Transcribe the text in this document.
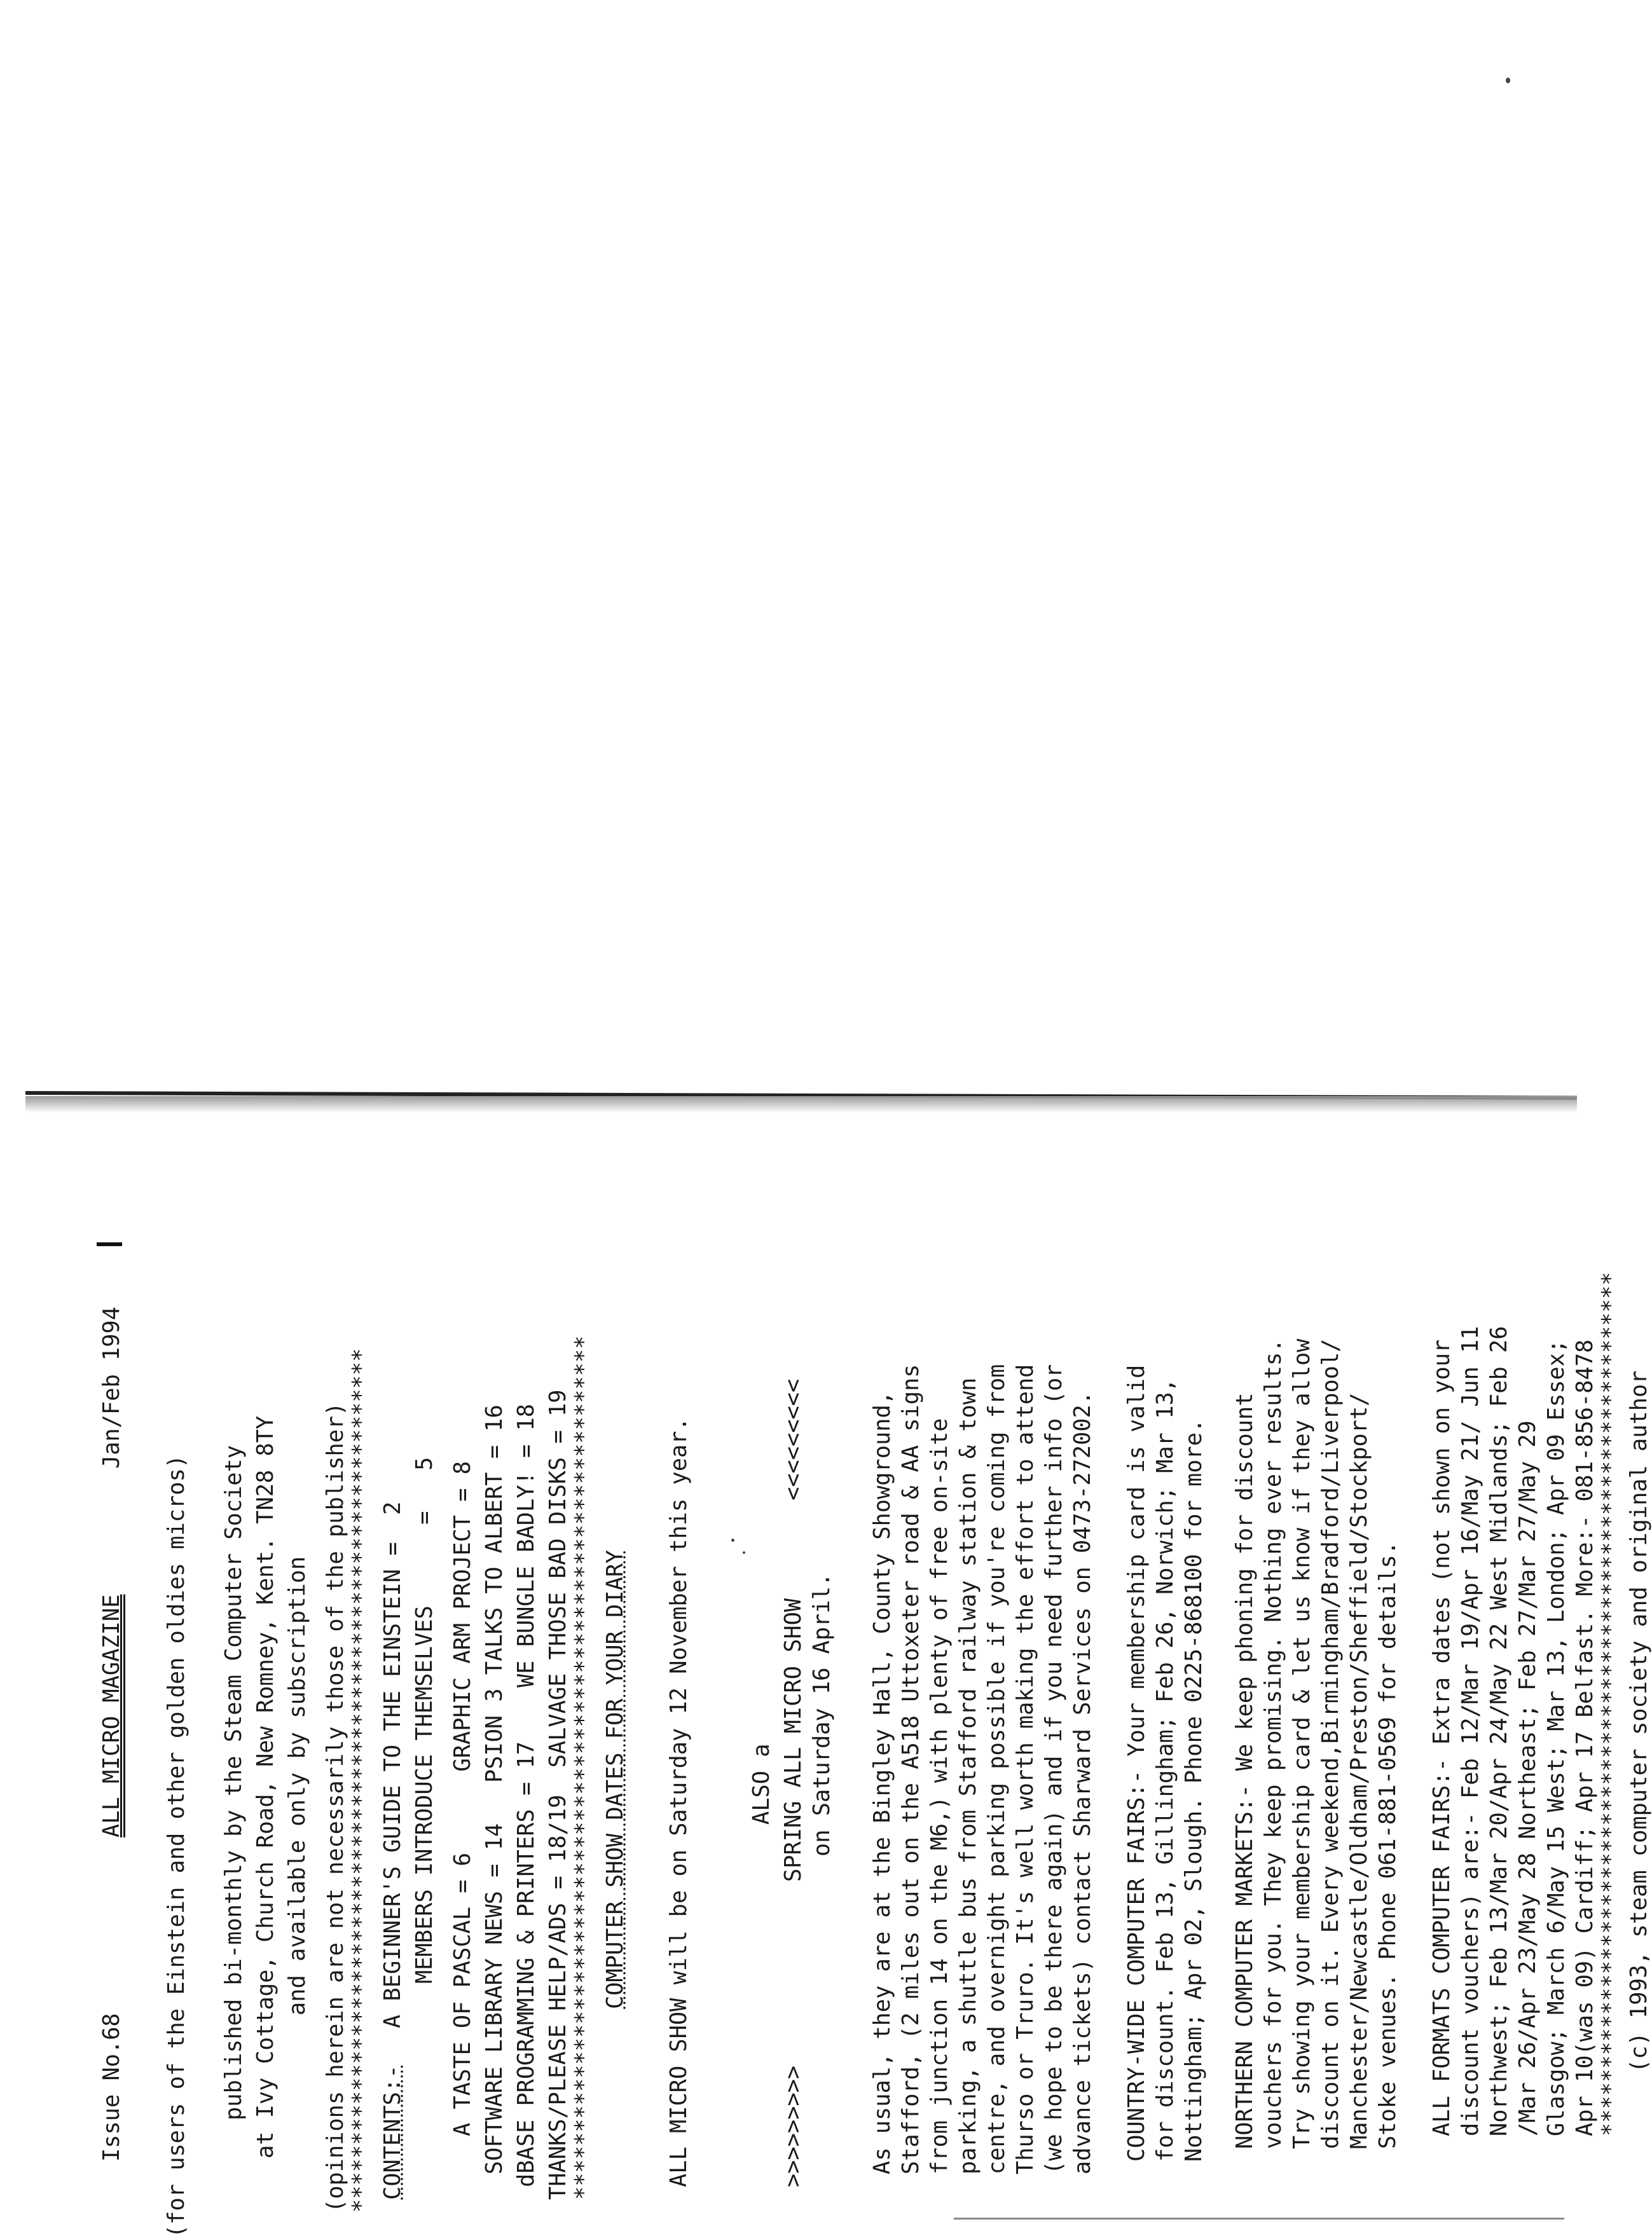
Issue No.68
ALL MICRO MAGAZINE
Jan/Feb 1994
(for users of the Einstein and other golden oldies micros) published bi-monthly by the Steam Computer Society at Ivy Cottage, Church Road, New Romney, Kent. TN28 8TY and available only by subscription (opinions herein are not necessarily those of the publisher) **************************************************************** CONTENTS:-
A BEGINNER'S GUIDE TO THE EINSTEIN =  2 MEMBERS INTRODUCE THEMSELVES      =   5 A TASTE OF PASCAL = 6      GRAPHIC ARM PROJECT = 8 SOFTWARE LIBRARY NEWS = 14   PSION 3 TALKS TO ALBERT = 16 dBASE PROGRAMMING & PRINTERS = 17    WE BUNGLE BADLY! = 18 THANKS/PLEASE HELP/ADS = 18/19  SALVAGE THOSE BAD DISKS = 19 **************************************************************** COMPUTER SHOW DATES FOR YOUR DIARY ALL MICRO SHOW will be on Saturday 12 November this year. ALSO a
>>>>>>>>>
SPRING ALL MICRO SHOW
<<<<<<<<<
on Saturday 16 April. As usual, they are at the Bingley Hall, County Showground, Stafford, (2 miles out on the A518 Uttoxeter road & AA signs from junction 14 on the M6,) with plenty of free on-site parking, a shuttle bus from Stafford railway station & town centre, and overnight parking possible if you're coming from Thurso or Truro. It's well worth making the effort to attend (we hope to be there again) and if you need further info (or advance tickets) contact Sharward Services on 0473-272002. COUNTRY-WIDE COMPUTER FAIRS:- Your membership card is valid for discount. Feb 13, Gillingham; Feb 26, Norwich; Mar 13, Nottingham; Apr 02, Slough. Phone 0225-868100 for more. NORTHERN COMPUTER MARKETS:- We keep phoning for discount vouchers for you. They keep promising. Nothing ever results. Try showing your membership card & let us know if they allow discount on it. Every weekend,Birmingham/Bradford/Liverpool/ Manchester/Newcastle/Oldham/Preston/Sheffield/Stockport/ Stoke venues. Phone 061-881-0569 for details. ALL FORMATS COMPUTER FAIRS:- Extra dates (not shown on your discount vouchers) are:- Feb 12/Mar 19/Apr 16/May 21/ Jun 11 Northwest; Feb 13/Mar 20/Apr 24/May 22 West Midlands; Feb 26 /Mar 26/Apr 23/May 28 Northeast; Feb 27/Mar 27/May 29 Glasgow; March 6/May 15 West; Mar 13, London; Apr 09 Essex; Apr 10(was 09) Cardiff; Apr 17 Belfast. More:- 081-856-8478 **************************************************************** (c) 1993, steam computer society and original author
